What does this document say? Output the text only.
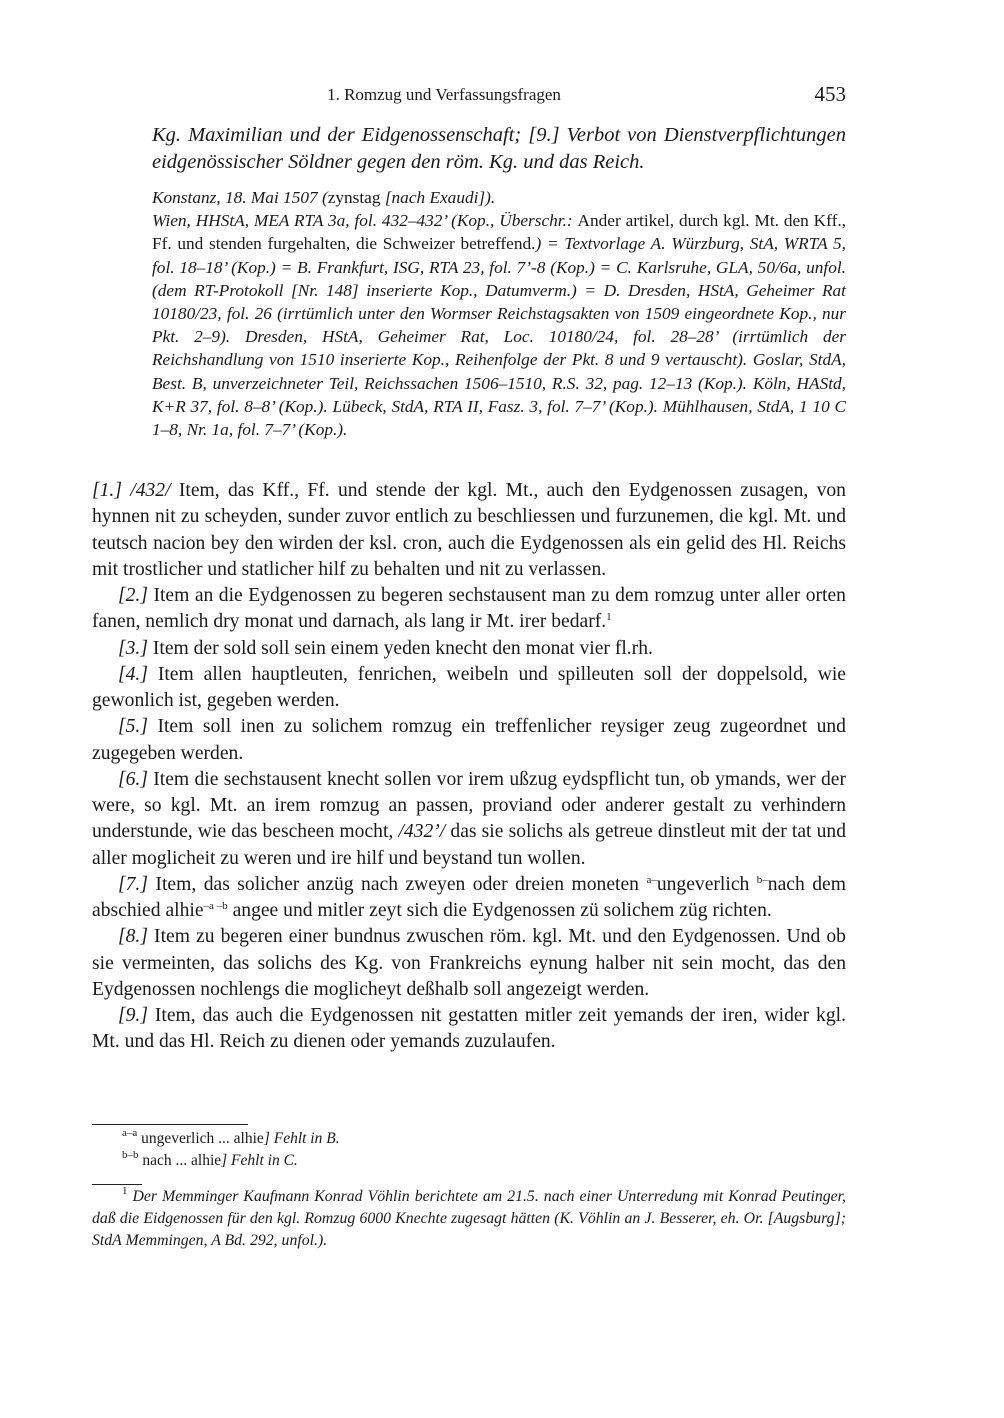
1. Romzug und Verfassungsfragen	453
Kg. Maximilian und der Eidgenossenschaft; [9.] Verbot von Dienstverpflichtungen eidgenössischer Söldner gegen den röm. Kg. und das Reich.
Konstanz, 18. Mai 1507 (zynstag [nach Exaudi]).
Wien, HHStA, MEA RTA 3a, fol. 432–432’ (Kop., Überschr.: Ander artikel, durch kgl. Mt. den Kff., Ff. und stenden furgehalten, die Schweizer betreffend.) = Textvorlage A. Würzburg, StA, WRTA 5, fol. 18–18’ (Kop.) = B. Frankfurt, ISG, RTA 23, fol. 7’-8 (Kop.) = C. Karlsruhe, GLA, 50/6a, unfol. (dem RT-Protokoll [Nr. 148] inserierte Kop., Datumverm.) = D. Dresden, HStA, Geheimer Rat 10180/23, fol. 26 (irrtümlich unter den Wormser Reichstagsakten von 1509 eingeordnete Kop., nur Pkt. 2–9). Dresden, HStA, Geheimer Rat, Loc. 10180/24, fol. 28–28’ (irrtümlich der Reichshandlung von 1510 inserierte Kop., Reihenfolge der Pkt. 8 und 9 vertauscht). Goslar, StdA, Best. B, unverzeichneter Teil, Reichssachen 1506–1510, R.S. 32, pag. 12–13 (Kop.). Köln, HAStd, K+R 37, fol. 8–8’ (Kop.). Lübeck, StdA, RTA II, Fasz. 3, fol. 7–7’ (Kop.). Mühlhausen, StdA, 1 10 C 1–8, Nr. 1a, fol. 7–7’ (Kop.).

[1.] /432/ Item, das Kff., Ff. und stende der kgl. Mt., auch den Eydgenossen zusagen, von hynnen nit zu scheyden, sunder zuvor entlich zu beschliessen und furzunemen, die kgl. Mt. und teutsch nacion bey den wirden der ksl. cron, auch die Eydgenossen als ein gelid des Hl. Reichs mit trostlicher und statlicher hilf zu behalten und nit zu verlassen.

[2.] Item an die Eydgenossen zu begeren sechstausent man zu dem romzug unter aller orten fanen, nemlich dry monat und darnach, als lang ir Mt. irer bedarf.$^1$

[3.] Item der sold soll sein einem yeden knecht den monat vier fl.rh.

[4.] Item allen hauptleuten, fenrichen, weibeln und spilleuten soll der doppelsold, wie gewonlich ist, gegeben werden.

[5.] Item soll inen zu solichem romzug ein treffenlicher reysiger zeug zugeordnet und zugegeben werden.

[6.] Item die sechstausent knecht sollen vor irem ußzug eydspflicht tun, ob ymands, wer der were, so kgl. Mt. an irem romzug an passen, proviand oder anderer gestalt zu verhindern understunde, wie das bescheen mocht, /432’/ das sie solichs als getreue dinstleut mit der tat und aller moglicheit zu weren und ire hilf und beystand tun wollen.

[7.] Item, das solicher anzüg nach zweyen oder dreien moneten $^{a-}$ungeverlich $^{b-}$nach dem abschied alhie$^{-a -b}$ angee und mitler zeyt sich die Eydgenossen zü solichem züg richten.

[8.] Item zu begeren einer bundnus zwuschen röm. kgl. Mt. und den Eydgenossen. Und ob sie vermeinten, das solichs des Kg. von Frankreichs eynung halber nit sein mocht, das den Eydgenossen nochlengs die moglicheyt deßhalb soll angezeigt werden.

[9.] Item, das auch die Eydgenossen nit gestatten mitler zeit yemands der iren, wider kgl. Mt. und das Hl. Reich zu dienen oder yemands zuzulaufen.

$^{a-a}$ ungeverlich ... alhie] Fehlt in B.
$^{b-b}$ nach ... alhie] Fehlt in C.
$^1$ Der Memminger Kaufmann Konrad Vöhlin berichtete am 21.5. nach einer Unterredung mit Konrad Peutinger, daß die Eidgenossen für den kgl. Romzug 6000 Knechte zugesagt hätten (K. Vöhlin an J. Besserer, eh. Or. [Augsburg]; StdA Memmingen, A Bd. 292, unfol.).
